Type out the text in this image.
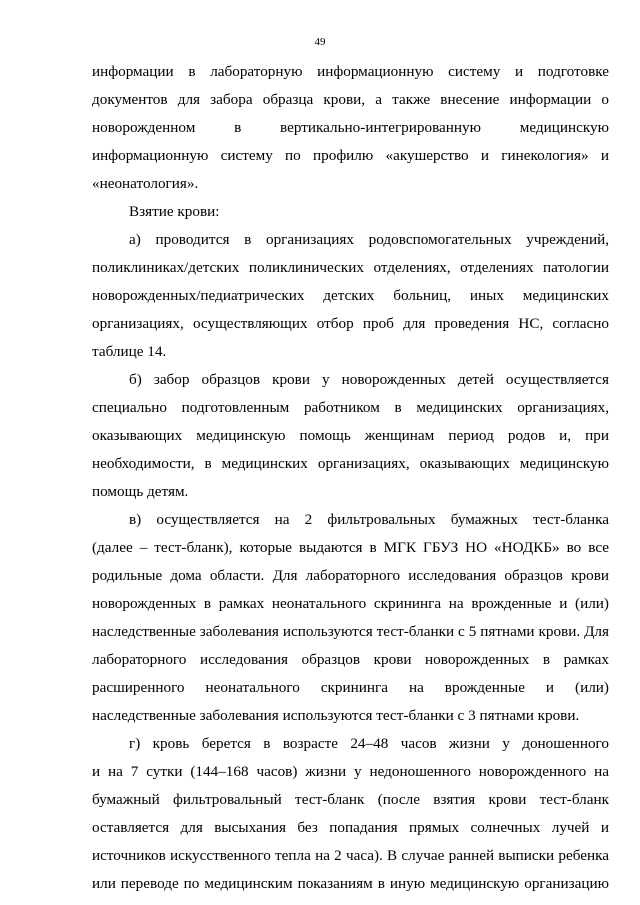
49
информации в лабораторную информационную систему и подготовке
документов для забора образца крови, а также внесение информации о
новорожденном в вертикально-интегрированную медицинскую
информационную систему по профилю «акушерство и гинекология» и
«неонатология».
Взятие крови:
а) проводится в организациях родовспомогательных учреждений,
поликлиниках/детских поликлинических отделениях, отделениях патологии
новорожденных/педиатрических детских больниц, иных медицинских
организациях, осуществляющих отбор проб для проведения НС, согласно
таблице 14.
б) забор образцов крови у новорожденных детей осуществляется
специально подготовленным работником в медицинских организациях,
оказывающих медицинскую помощь женщинам период родов и, при
необходимости, в медицинских организациях, оказывающих медицинскую
помощь детям.
в) осуществляется на 2 фильтровальных бумажных тест-бланка
(далее – тест-бланк), которые выдаются в МГК ГБУЗ НО «НОДКБ» во все
родильные дома области. Для лабораторного исследования образцов крови
новорожденных в рамках неонатального скрининга на врожденные и (или)
наследственные заболевания используются тест-бланки с 5 пятнами крови. Для
лабораторного исследования образцов крови новорожденных в рамках
расширенного неонатального скрининга на врожденные и (или)
наследственные заболевания используются тест-бланки с 3 пятнами крови.
г) кровь берется в возрасте 24–48 часов жизни у доношенного
и на 7 сутки (144–168 часов) жизни у недоношенного новорожденного на
бумажный фильтровальный тест-бланк (после взятия крови тест-бланк
оставляется для высыхания без попадания прямых солнечных лучей и
источников искусственного тепла на 2 часа). В случае ранней выписки ребенка
или переводе по медицинским показаниям в иную медицинскую организацию
